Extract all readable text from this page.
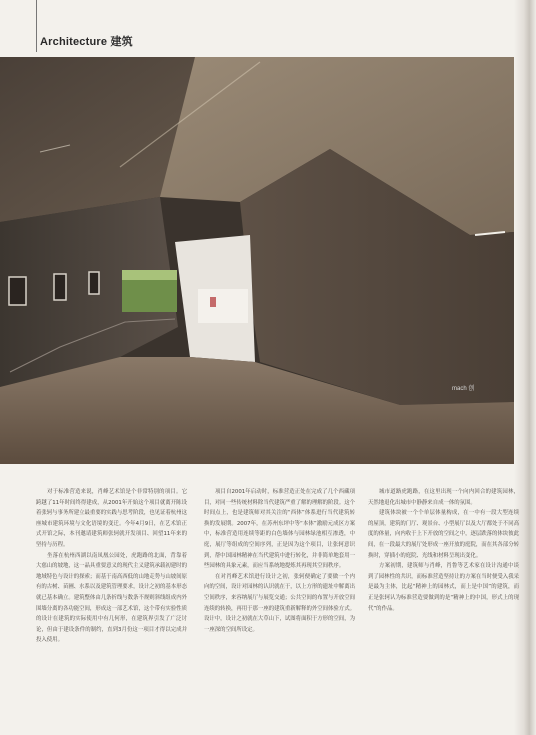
Architecture 建筑
mach 创

对于标准营造来说，肖峰艺术馆是个非常特别的项目。它跨越了11年时间终得建成，从2001年开始这个项目就离开陈设着张轲与事务所建立最重要的实践与思考阶段，也见证着杭州这座城市建筑环境与文化语境的变迁。今年4月9日，在艺术馆正式开馆之际，本刊邀请建筑师张轲就开发项目、回望11年来的坚持与历程。

坐落在杭州西湖以南凤凰公园处，虎跑路的北面，背靠着大慈山的坡地，这一晶具重要意义的现代主义建筑承载初建时的地域特色与设计的探索；而基于南高西低的山地走势与山坡间原有的古树、苗圃、水系以及建筑管理要求，设计之初的基本形态就已基本确立。建筑整体由几条折线与数条不规则斜线组成内外围墙分离的各功能空间，形成这一部艺术馆，这个带有实验性质的设计在建筑的实际使用中有几何形，在建筑界引发了广泛讨论，但由于建设条件的制约，直到3月份这一项目才得以完成并投入使用。

项目自2001年启动时，标准营造正处在完成了几个西藏项目，对同一些传统材料除当代建筑严重了解的理解的阶段。这个时间点上，也是建筑师对其关注的“西体”体系进行当代建筑转换的发展期。2007年，在苏州东坪中等“本体”激励元成区方案中，标准营造用连续等距的白色墙体与园林绿池相互渗透，中庭，展厅等组成的空间序列，正是因为这个项目，让张轲意识到，帮中国园林精神在当代建筑中进行转化，并非简单地套用一些园林的具象元素，而应当系统地提炼其再现其空间秩序。

在对肖峰艺术馆进行设计之初，张轲便确定了要做一个内向的空间，设计对园林的认识就在于，以上方形的遗址中解离出空间秩序，来容纳展厅与展览交通；公共空间的布置与开放空间连续的转换，再用于那一座的建筑重新解释的外空间体验方式。设计中，设计之初就在大草山下，试图将面积于方形的空间，为一座深的空间所设定。

城市道路虎跑路，在这里出现一个向内回合的建筑园林，天然地退化出城市中静静来自成一体的氛围。

建筑体块被一个个单层体量构成，在一中有一段大型连续的屋顶，建筑的门厅、观景台、小型展厅以及大厅都处于不同高度的体量，向内收于上下开放的空间之中，逐层跌落的体块彼此间，在一段最大的展厅处形成一座开放的庭院，而在其各部分转换时，穿插小的庭院、光线和材料呈现出变化。

方案初期，建筑师与肖峰，肖鲁等艺术家在设计沟通中谈到了园林性的共识，而标准营造坚持让的方案在当时便受入我采是最为主体，比起“精神上的园林式，而上是中国”的建筑，而正是张轲认为标准营造要做到的是“精神上的中国，形式上的现代”的作品。
